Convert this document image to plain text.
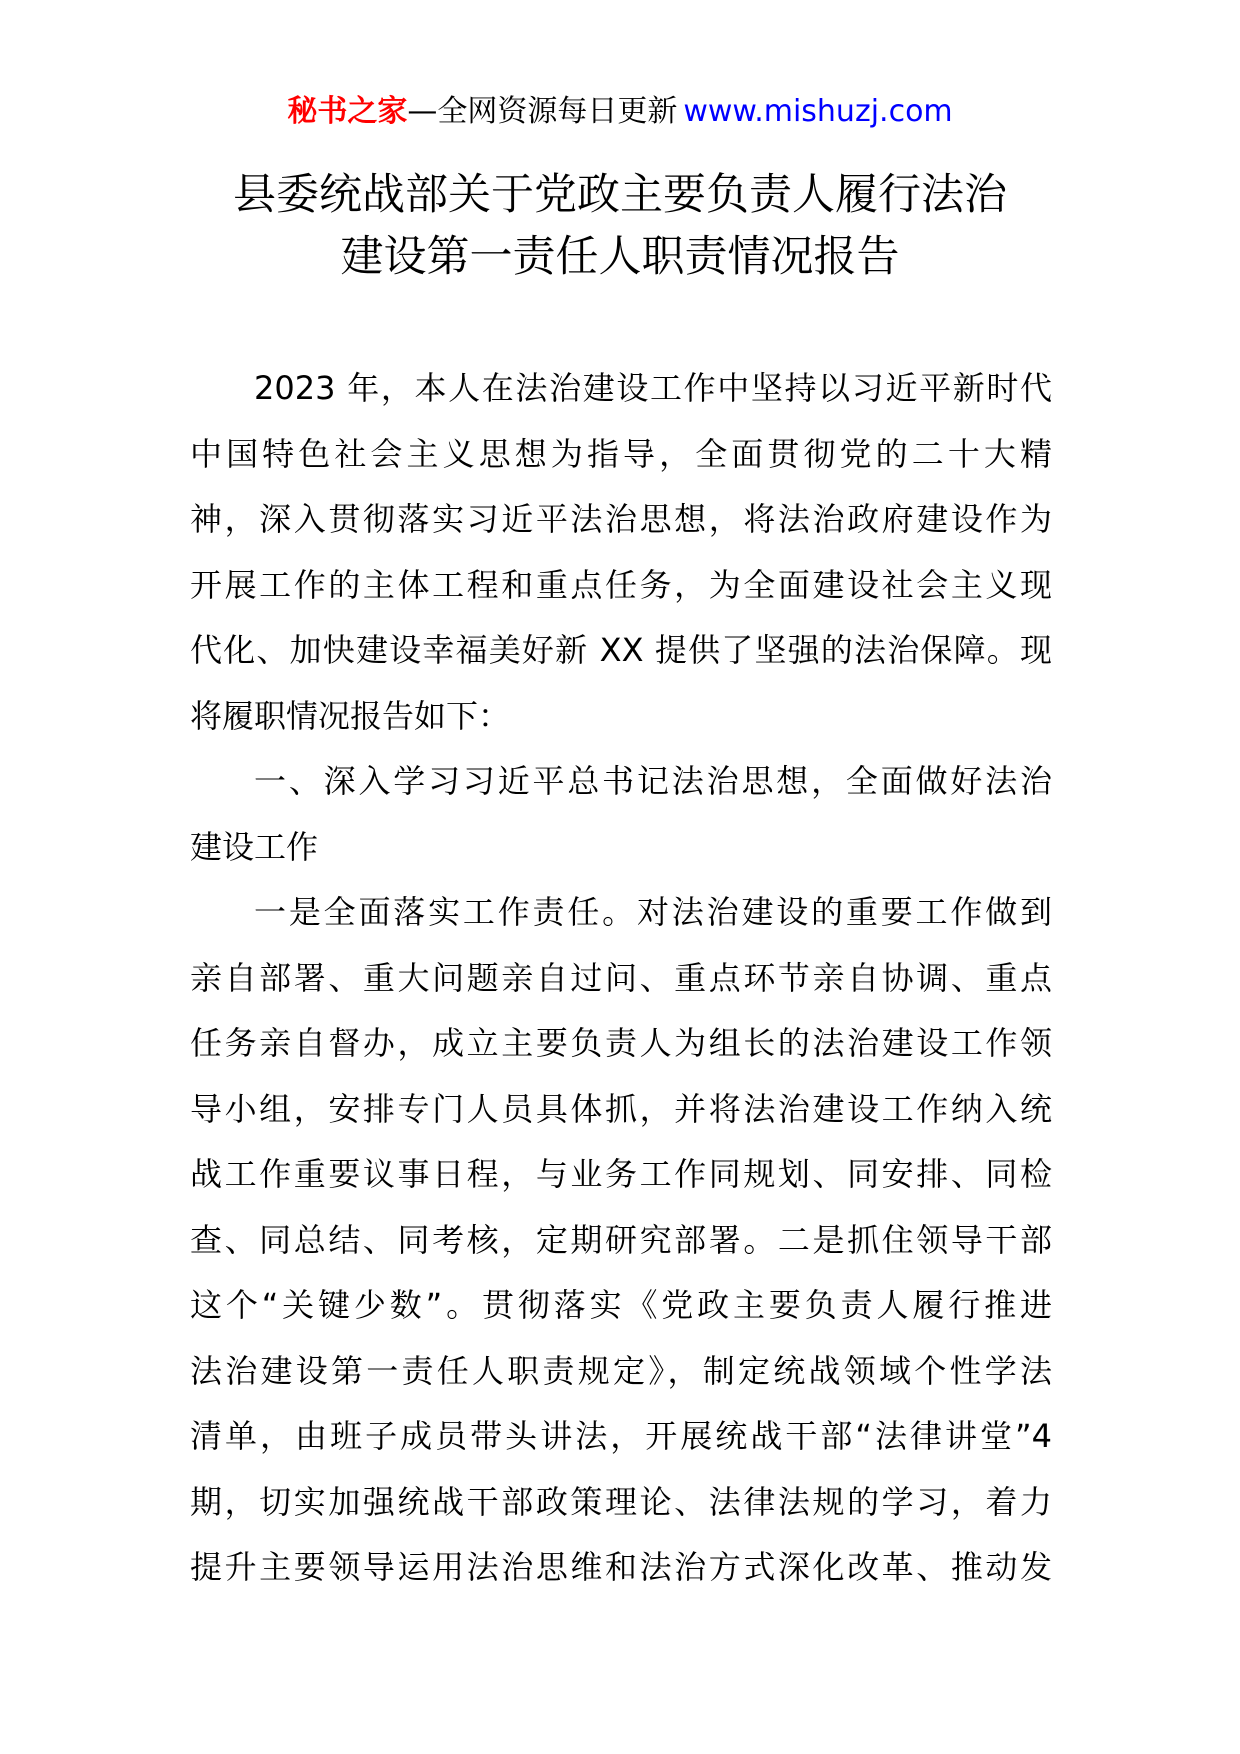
秘书之家—全网资源每日更新 www.mishuzj.com
县委统战部关于党政主要负责人履行法治
建设第一责任人职责情况报告
2023 年，本人在法治建设工作中坚持以习近平新时代
中国特色社会主义思想为指导，全面贯彻党的二十大精
神，深入贯彻落实习近平法治思想，将法治政府建设作为
开展工作的主体工程和重点任务，为全面建设社会主义现
代化、加快建设幸福美好新 XX 提供了坚强的法治保障。现
将履职情况报告如下：
一、深入学习习近平总书记法治思想，全面做好法治
建设工作
一是全面落实工作责任。对法治建设的重要工作做到
亲自部署、重大问题亲自过问、重点环节亲自协调、重点
任务亲自督办，成立主要负责人为组长的法治建设工作领
导小组，安排专门人员具体抓，并将法治建设工作纳入统
战工作重要议事日程，与业务工作同规划、同安排、同检
查、同总结、同考核，定期研究部署。二是抓住领导干部
这个“关键少数”。贯彻落实《党政主要负责人履行推进
法治建设第一责任人职责规定》，制定统战领域个性学法
清单，由班子成员带头讲法，开展统战干部“法律讲堂”4
期，切实加强统战干部政策理论、法律法规的学习，着力
提升主要领导运用法治思维和法治方式深化改革、推动发
